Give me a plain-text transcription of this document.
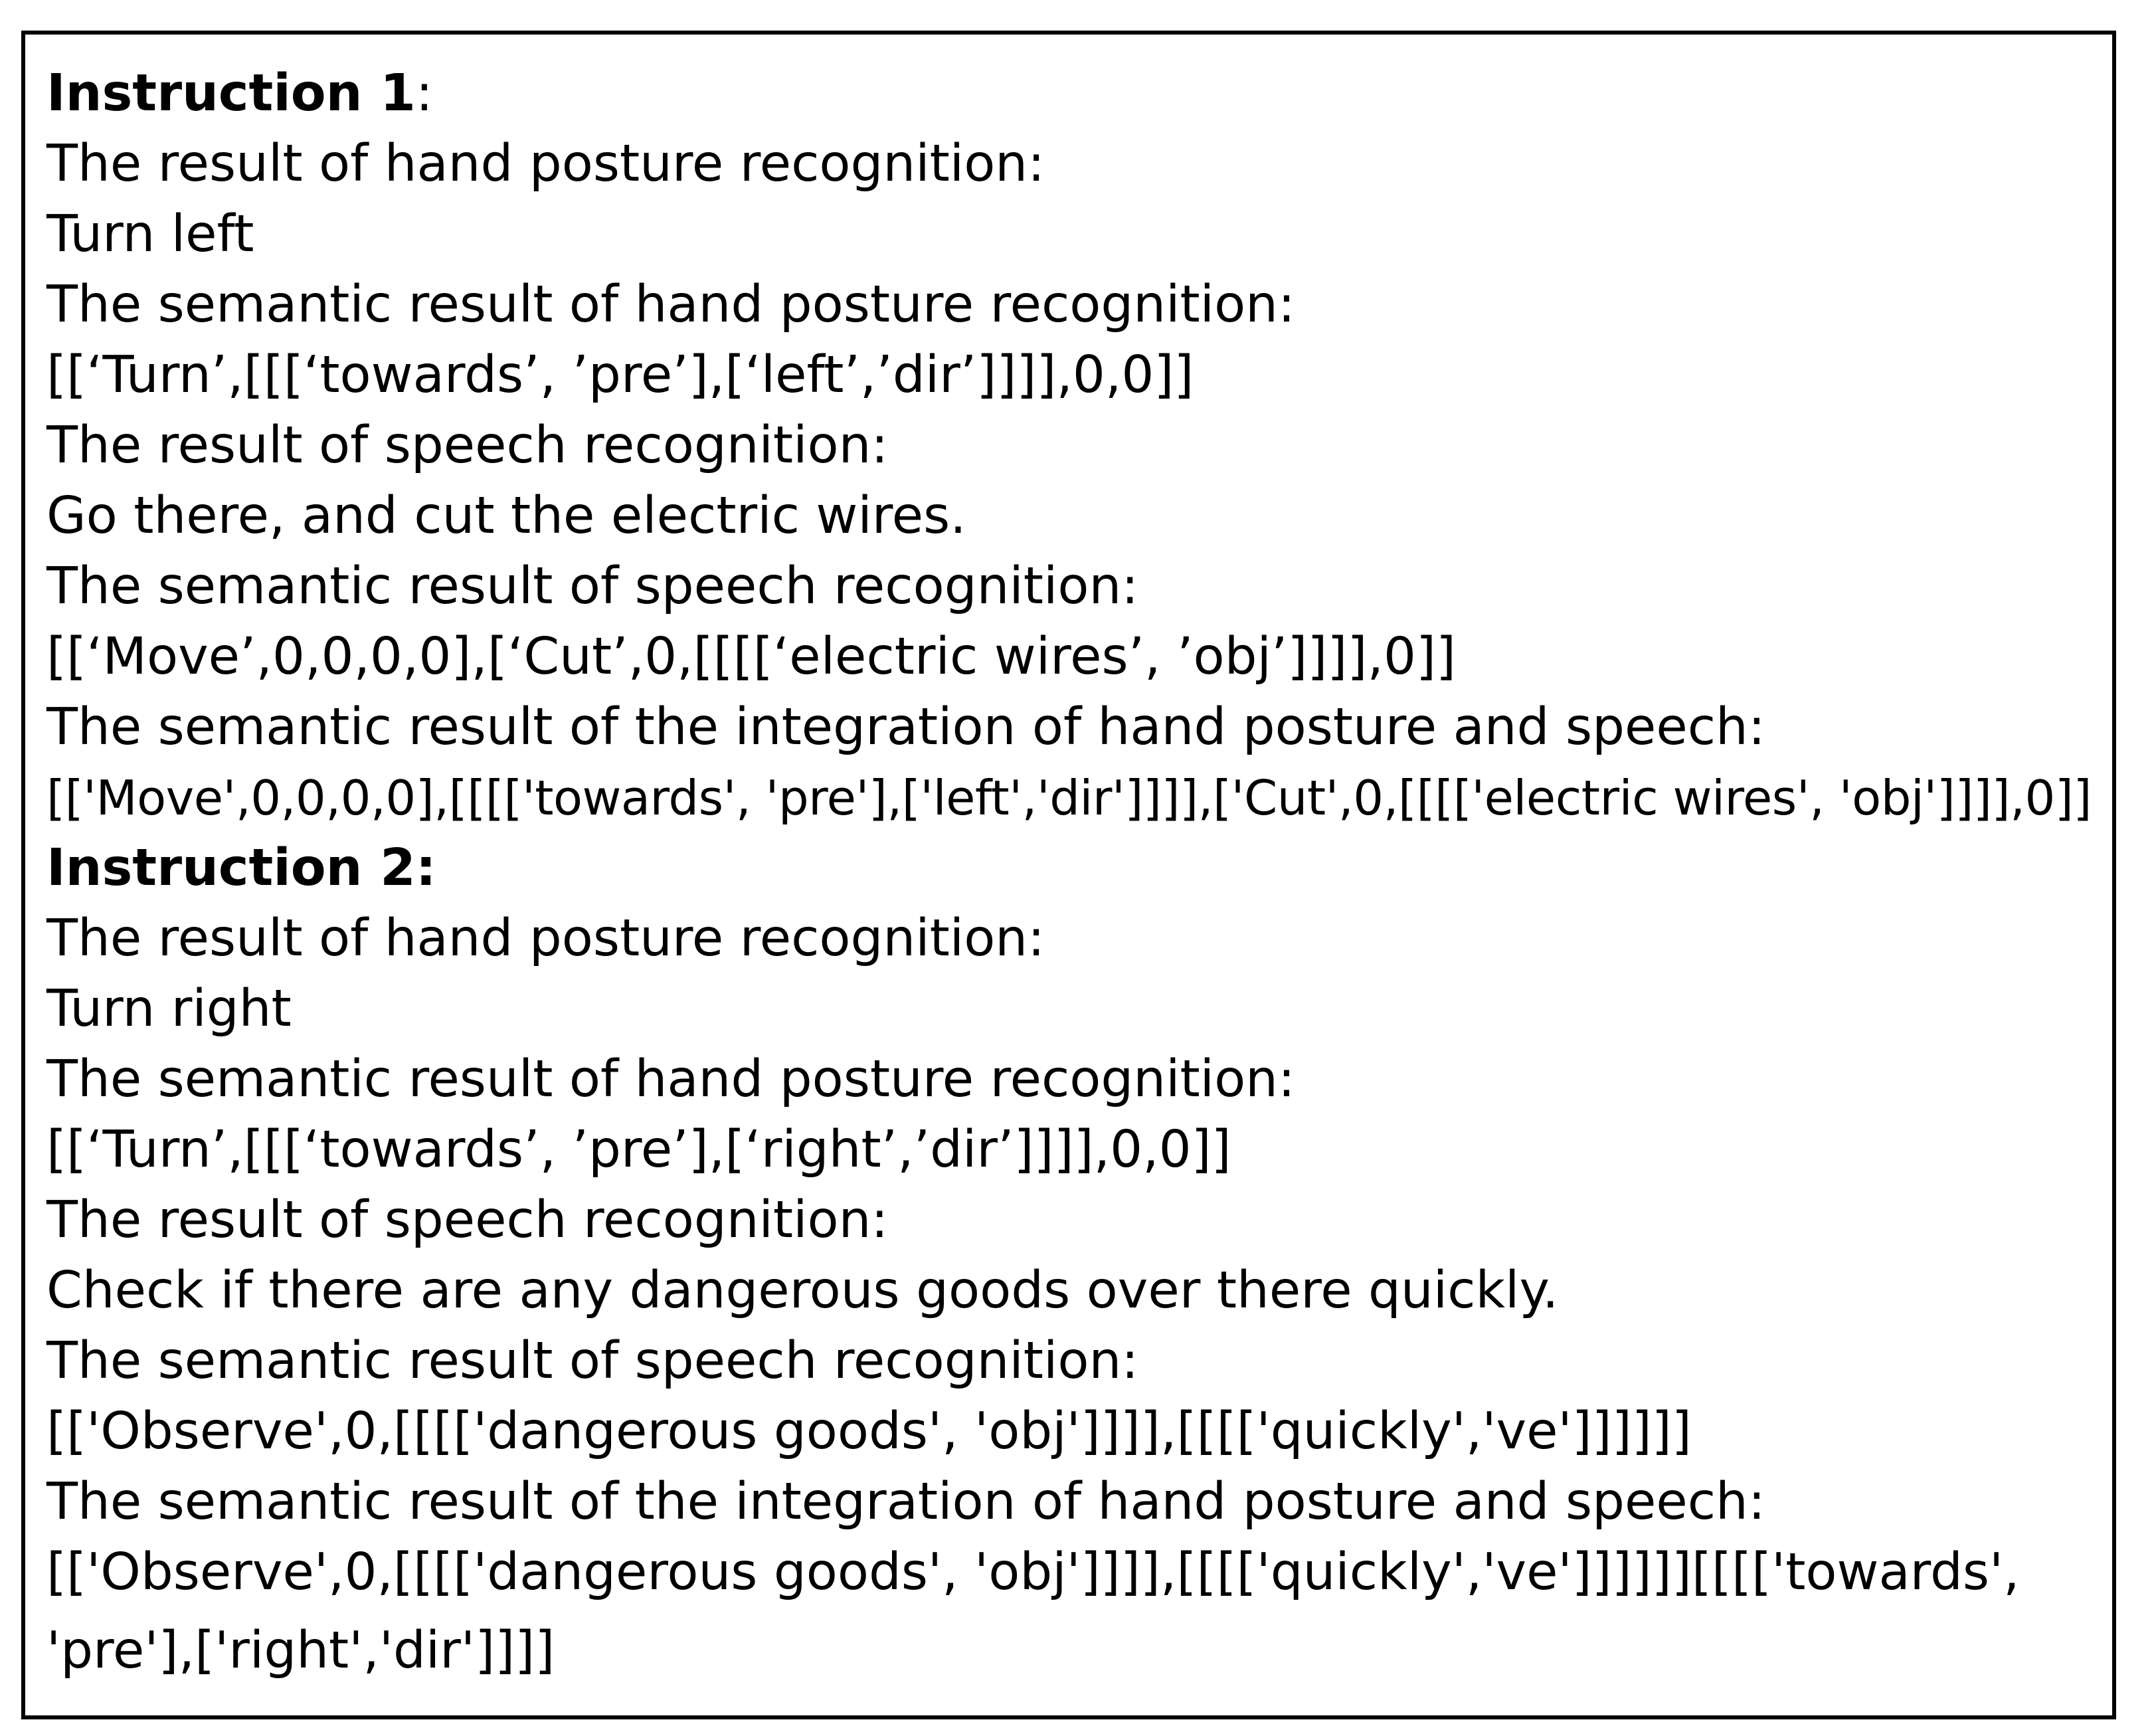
Instruction 1:
The result of hand posture recognition:
Turn left
The semantic result of hand posture recognition:
[[‘Turn’,[[[‘towards’, ’pre’],[‘left’,’dir’]]]],0,0]]
The result of speech recognition:
Go there, and cut the electric wires.
The semantic result of speech recognition:
[[‘Move’,0,0,0,0],[‘Cut’,0,[[[[‘electric wires’, ’obj’]]]],0]]
The semantic result of the integration of hand posture and speech:
[['Move',0,0,0,0],[[[['towards', 'pre'],['left','dir']]]],['Cut',0,[[[['electric wires', 'obj']]]],0]]
Instruction 2:
The result of hand posture recognition:
Turn right
The semantic result of hand posture recognition:
[[‘Turn’,[[[‘towards’, ’pre’],[‘right’,’dir’]]]],0,0]]
The result of speech recognition:
Check if there are any dangerous goods over there quickly.
The semantic result of speech recognition:
[['Observe',0,[[[['dangerous goods', 'obj']]]],[[[['quickly','ve']]]]]]
The semantic result of the integration of hand posture and speech:
[['Observe',0,[[[['dangerous goods', 'obj']]]],[[[['quickly','ve']]]]]][[[['towards',
'pre'],['right','dir']]]]
